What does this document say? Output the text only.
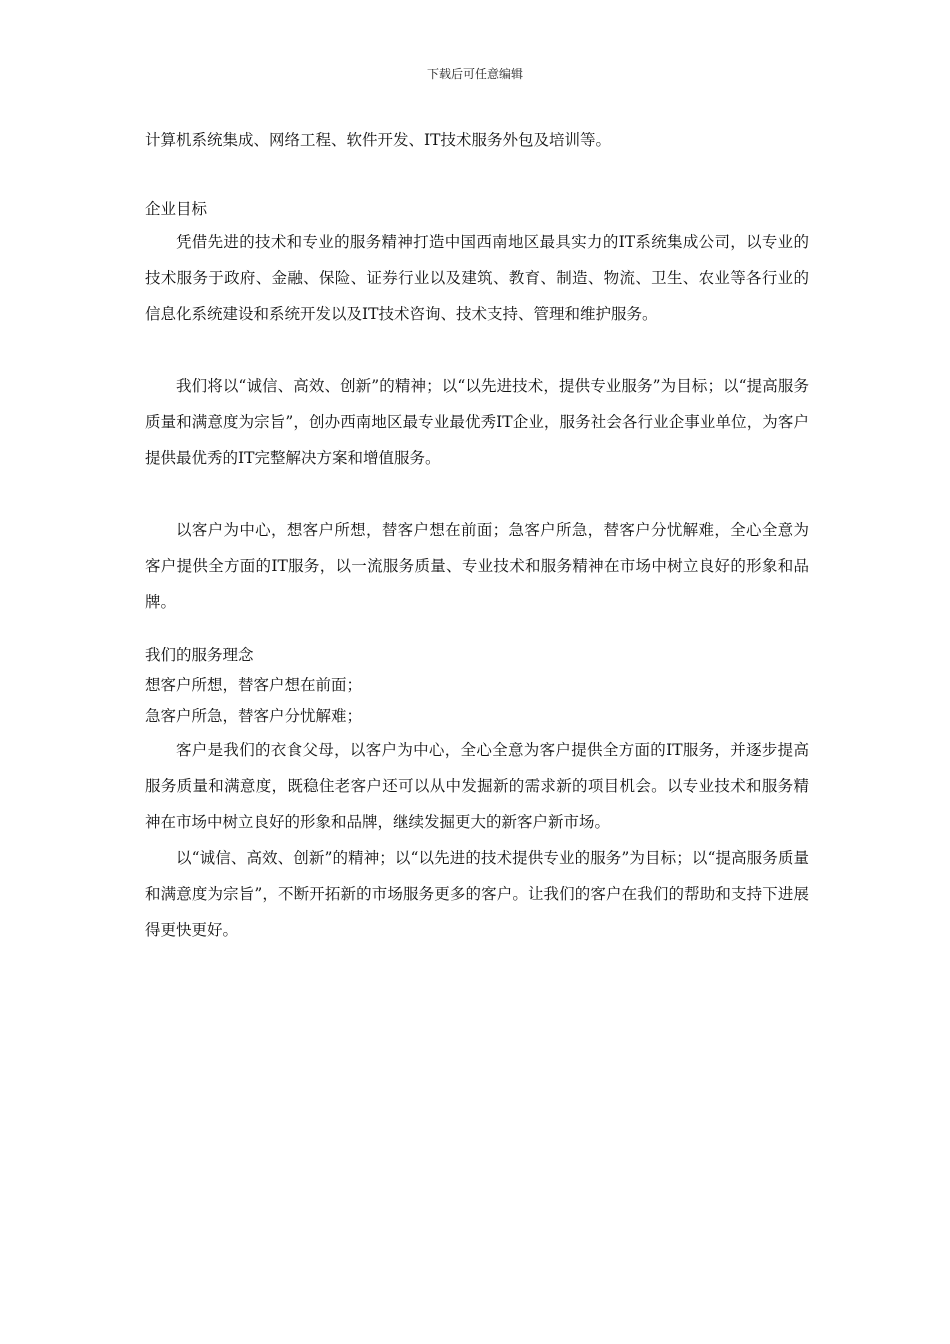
下载后可任意编辑

计算机系统集成、网络工程、软件开发、IT技术服务外包及培训等。

企业目标

凭借先进的技术和专业的服务精神打造中国西南地区最具实力的IT系统集成公司，以专业的技术服务于政府、金融、保险、证券行业以及建筑、教育、制造、物流、卫生、农业等各行业的信息化系统建设和系统开发以及IT技术咨询、技术支持、管理和维护服务。

我们将以“诚信、高效、创新”的精神；以“以先进技术，提供专业服务”为目标；以“提高服务质量和满意度为宗旨”，创办西南地区最专业最优秀IT企业，服务社会各行业企事业单位，为客户提供最优秀的IT完整解决方案和增值服务。

以客户为中心，想客户所想，替客户想在前面；急客户所急，替客户分忧解难，全心全意为客户提供全方面的IT服务，以一流服务质量、专业技术和服务精神在市场中树立良好的形象和品牌。

我们的服务理念

想客户所想，替客户想在前面；

急客户所急，替客户分忧解难；

客户是我们的衣食父母，以客户为中心，全心全意为客户提供全方面的IT服务，并逐步提高服务质量和满意度，既稳住老客户还可以从中发掘新的需求新的项目机会。以专业技术和服务精神在市场中树立良好的形象和品牌，继续发掘更大的新客户新市场。

以“诚信、高效、创新”的精神；以“以先进的技术提供专业的服务”为目标；以“提高服务质量和满意度为宗旨”，不断开拓新的市场服务更多的客户。让我们的客户在我们的帮助和支持下进展得更快更好。
